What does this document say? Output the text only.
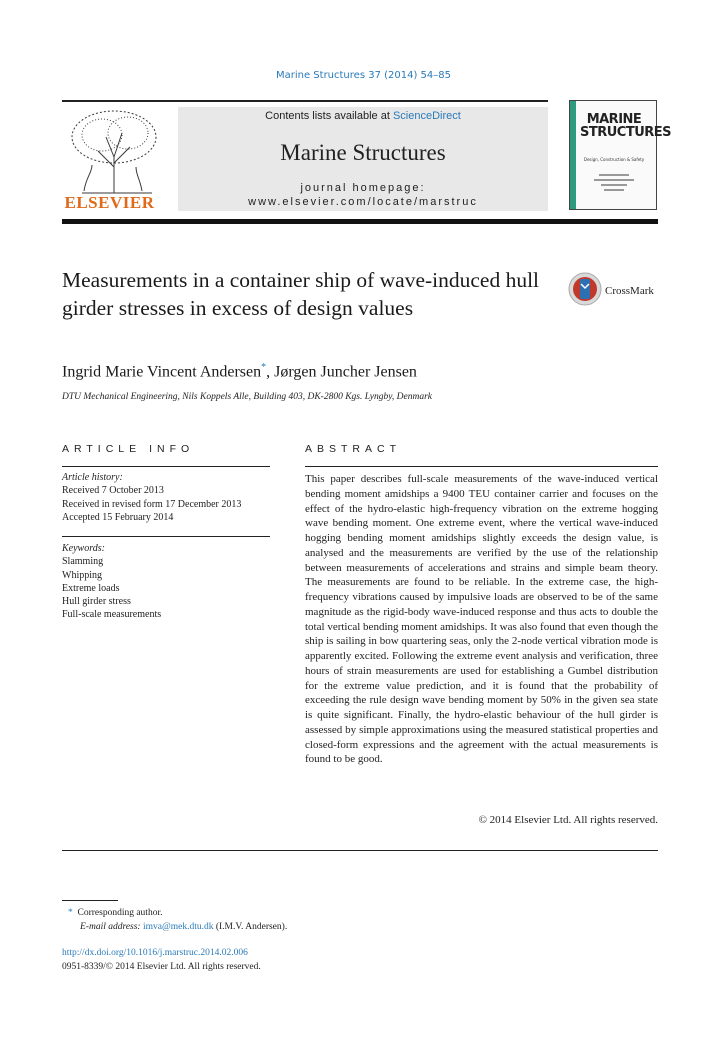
Marine Structures 37 (2014) 54–85
ELSEVIER
Contents lists available at ScienceDirect
Marine Structures
journal homepage: www.elsevier.com/locate/marstruc
MARINE
STRUCTURES
Design, Construction & Safety
Measurements in a container ship of wave-induced hull girder stresses in excess of design values
CrossMark
Ingrid Marie Vincent Andersen*, Jørgen Juncher Jensen
DTU Mechanical Engineering, Nils Koppels Alle, Building 403, DK-2800 Kgs. Lyngby, Denmark
ARTICLE INFO
Article history:
Received 7 October 2013
Received in revised form 17 December 2013
Accepted 15 February 2014
Keywords:
Slamming
Whipping
Extreme loads
Hull girder stress
Full-scale measurements
ABSTRACT
This paper describes full-scale measurements of the wave-induced vertical bending moment amidships a 9400 TEU container carrier and focuses on the effect of the hydro-elastic high-frequency vibration on the extreme hogging wave bending moment. One extreme event, where the vertical wave-induced hogging bending moment amidships slightly exceeds the design value, is analysed and the measurements are verified by the use of the relationship between measurements of accelerations and strains and simple beam theory. The measurements are found to be reliable. In the extreme case, the high-frequency vibrations caused by impulsive loads are observed to be of the same magnitude as the rigid-body wave-induced response and thus acts to double the total vertical bending moment amidships. It was also found that even though the ship is sailing in bow quartering seas, only the 2-node vertical vibration mode is apparently excited. Following the extreme event analysis and verification, three hours of strain measurements are used for establishing a Gumbel distribution for the extreme value prediction, and it is found that the probability of exceeding the rule design wave bending moment by 50% in the given sea state is quite significant. Finally, the hydro-elastic behaviour of the hull girder is assessed by simple approximations using the measured statistical properties and closed-form expressions and the agreement with the actual measurements is found to be good.
© 2014 Elsevier Ltd. All rights reserved.
* Corresponding author.
E-mail address: imva@mek.dtu.dk (I.M.V. Andersen).
http://dx.doi.org/10.1016/j.marstruc.2014.02.006
0951-8339/© 2014 Elsevier Ltd. All rights reserved.
